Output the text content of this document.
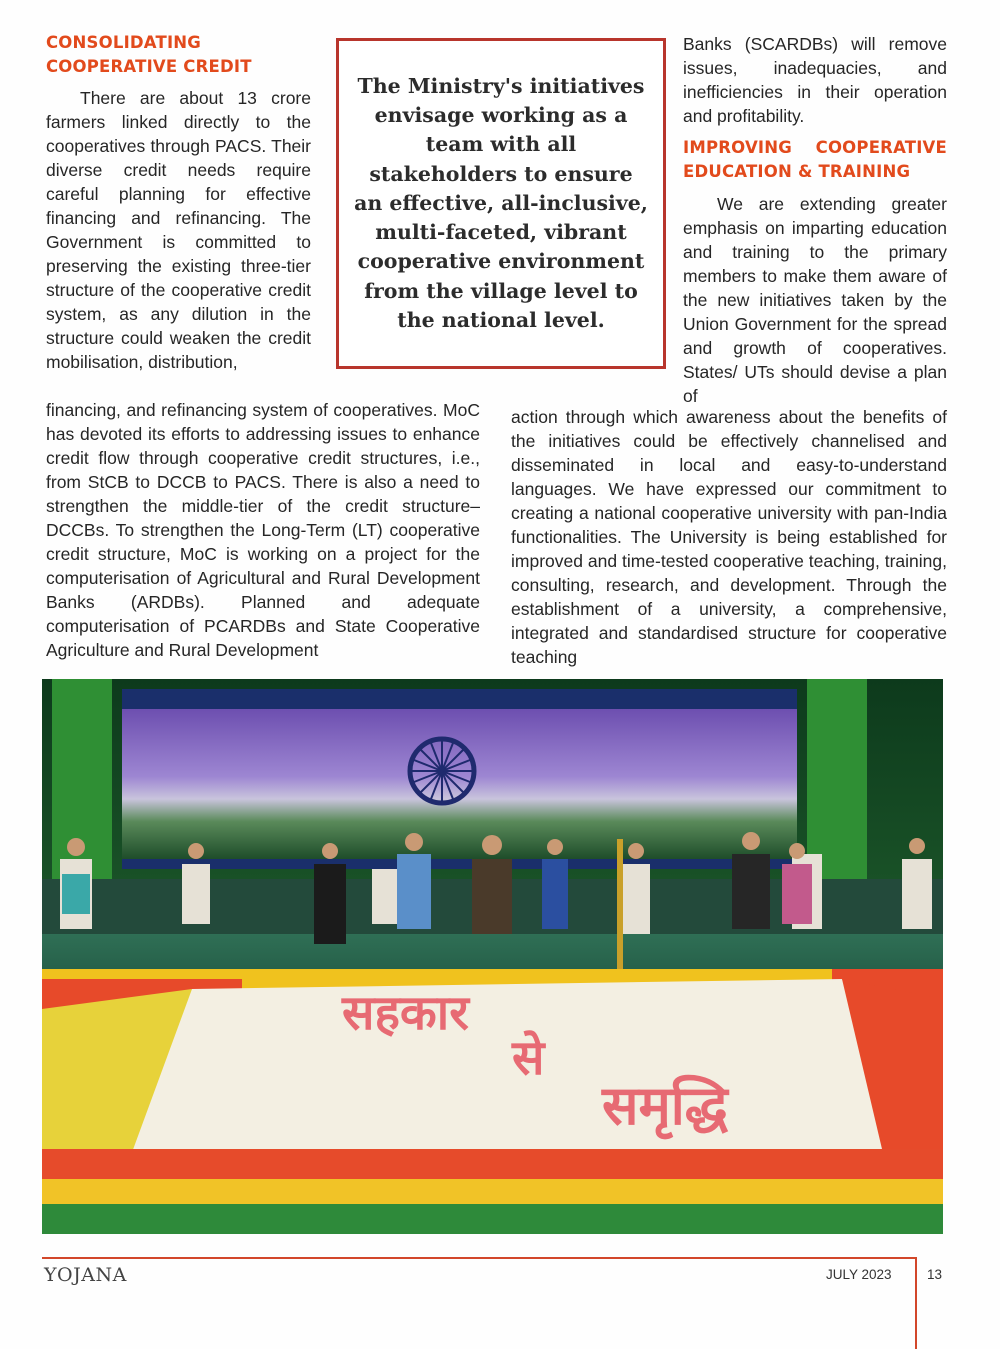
CONSOLIDATING COOPERATIVE CREDIT

There are about 13 crore farmers linked directly to the cooperatives through PACS. Their diverse credit needs require careful planning for effective financing and refinancing. The Government is committed to preserving the existing three-tier structure of the cooperative credit system, as any dilution in the structure could weaken the credit mobilisation, distribution,

financing, and refinancing system of cooperatives. MoC has devoted its efforts to addressing issues to enhance credit flow through cooperative credit structures, i.e., from StCB to DCCB to PACS. There is also a need to strengthen the middle-tier of the credit structure– DCCBs. To strengthen the Long-Term (LT) cooperative credit structure, MoC is working on a project for the computerisation of Agricultural and Rural Development Banks (ARDBs). Planned and adequate computerisation of PCARDBs and State Cooperative Agriculture and Rural Development

The Ministry's initiatives envisage working as a team with all stakeholders to ensure an effective, all-inclusive, multi-faceted, vibrant cooperative environment from the village level to the national level.

Banks (SCARDBs) will remove issues, inadequacies, and inefficiencies in their operation and profitability.

IMPROVING COOPERATIVE EDUCATION & TRAINING

We are extending greater emphasis on imparting education and training to the primary members to make them aware of the new initiatives taken by the Union Government for the spread and growth of cooperatives. States/ UTs should devise a plan of

action through which awareness about the benefits of the initiatives could be effectively channelised and disseminated in local and easy-to-understand languages. We have expressed our commitment to creating a national cooperative university with pan-India functionalities. The University is being established for improved and time-tested cooperative teaching, training, consulting, research, and development. Through the establishment of a university, a comprehensive, integrated and standardised structure for cooperative teaching

सहकार
से
समृद्धि
YOJANA	JULY 2023	13
